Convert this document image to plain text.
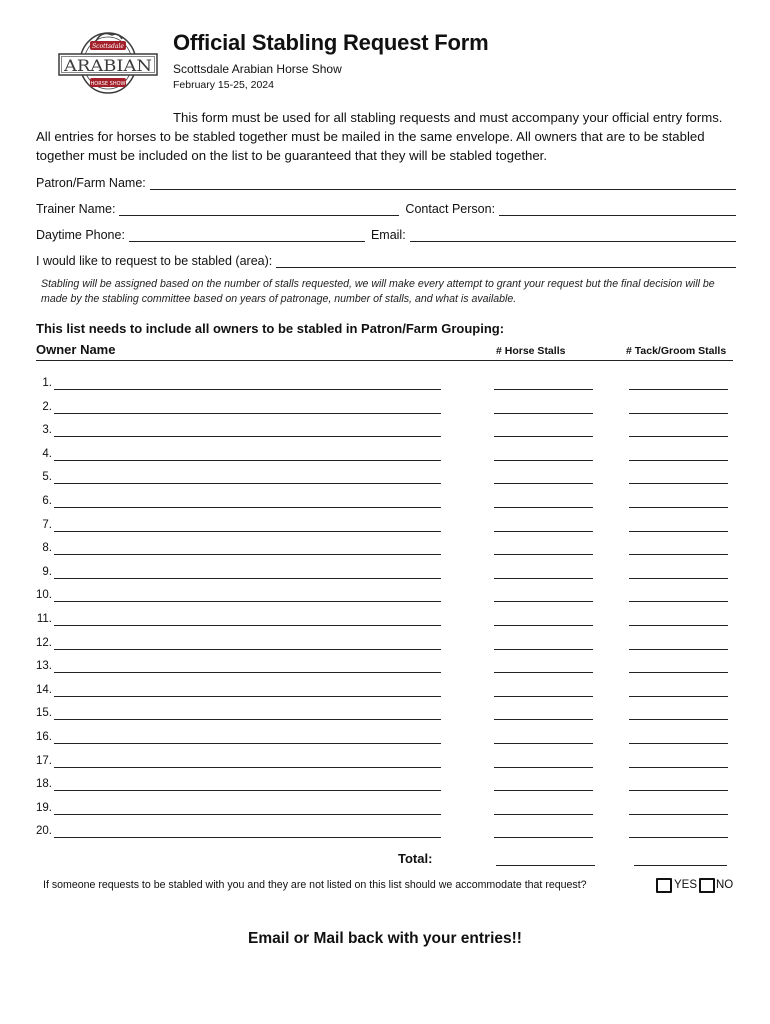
Scottsdale
ARABIAN
HORSE SHOW
Official Stabling Request Form
Scottsdale Arabian Horse Show
February 15-25, 2024
This form must be used for all stabling requests and must accompany your official entry forms. All entries for horses to be stabled together must be mailed in the same envelope. All owners that are to be stabled together must be included on the list to be guaranteed that they will be stabled together.
Patron/Farm Name:
Trainer Name:	Contact Person:
Daytime Phone:	Email:
I would like to request to be stabled (area):
Stabling will be assigned based on the number of stalls requested, we will make every attempt to grant your request but the final decision will be made by the stabling committee based on years of patronage, number of stalls, and what is available.
This list needs to include all owners to be stabled in Patron/Farm Grouping:
Owner Name	# Horse Stalls	# Tack/Groom Stalls
1.
2.
3.
4.
5.
6.
7.
8.
9.
10.
11.
12.
13.
14.
15.
16.
17.
18.
19.
20.
Total:
If someone requests to be stabled with you and they are not listed on this list should we accommodate that request?	YES NO
Email or Mail back with your entries!!
